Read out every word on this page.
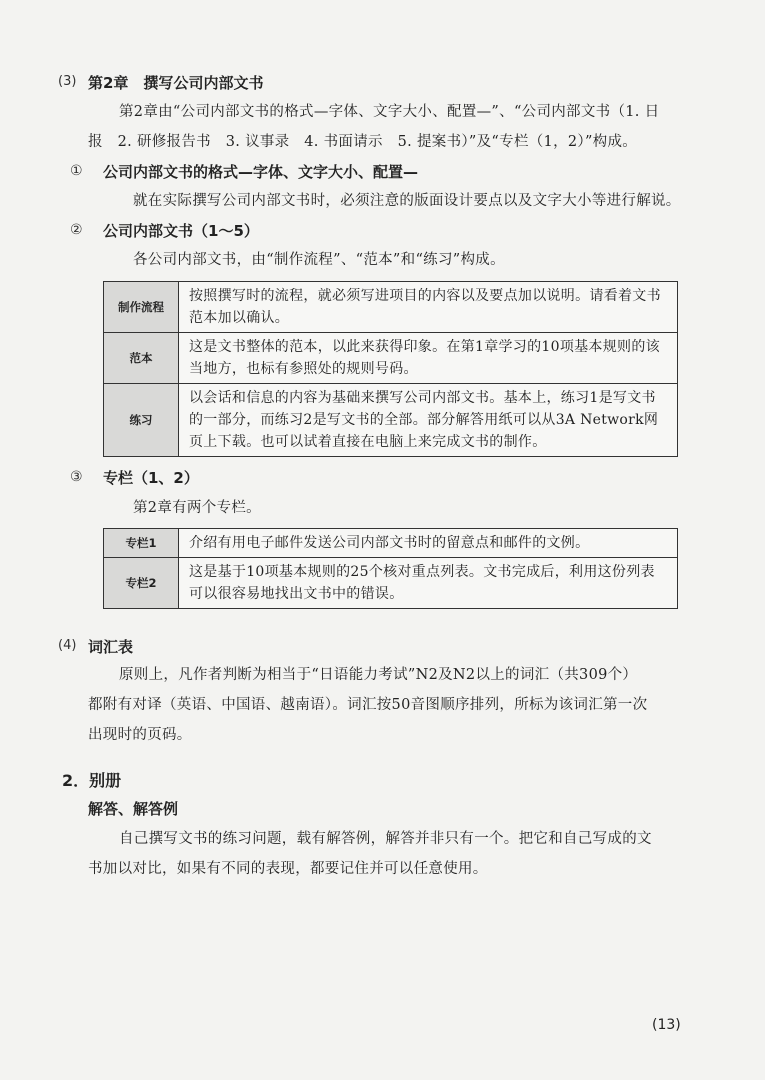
(3) 第2章　撰写公司内部文书
第2章由“公司内部文书的格式—字体、文字大小、配置—”、“公司内部文书（1. 日
报　2. 研修报告书　3. 议事录　4. 书面请示　5. 提案书）”及“专栏（1，2）”构成。
① 公司内部文书的格式—字体、文字大小、配置—
就在实际撰写公司内部文书时，必须注意的版面设计要点以及文字大小等进行解说。
② 公司内部文书（1～5）
各公司内部文书，由“制作流程”、“范本”和“练习”构成。
制作流程	按照撰写时的流程，就必须写进项目的内容以及要点加以说明。请看着文书范本加以确认。
范本	这是文书整体的范本，以此来获得印象。在第1章学习的10项基本规则的该当地方，也标有参照处的规则号码。
练习	以会话和信息的内容为基础来撰写公司内部文书。基本上，练习1是写文书的一部分，而练习2是写文书的全部。部分解答用纸可以从3A Network网页上下载。也可以试着直接在电脑上来完成文书的制作。
③ 专栏（1、2）
第2章有两个专栏。
专栏1	介绍有用电子邮件发送公司内部文书时的留意点和邮件的文例。
专栏2	这是基于10项基本规则的25个核对重点列表。文书完成后，利用这份列表可以很容易地找出文书中的错误。
(4) 词汇表
原则上，凡作者判断为相当于“日语能力考试”N2及N2以上的词汇（共309个）
都附有对译（英语、中国语、越南语）。词汇按50音图顺序排列，所标为该词汇第一次
出现时的页码。
2．别册
解答、解答例
自己撰写文书的练习问题，载有解答例，解答并非只有一个。把它和自己写成的文
书加以对比，如果有不同的表现，都要记住并可以任意使用。
(13)
